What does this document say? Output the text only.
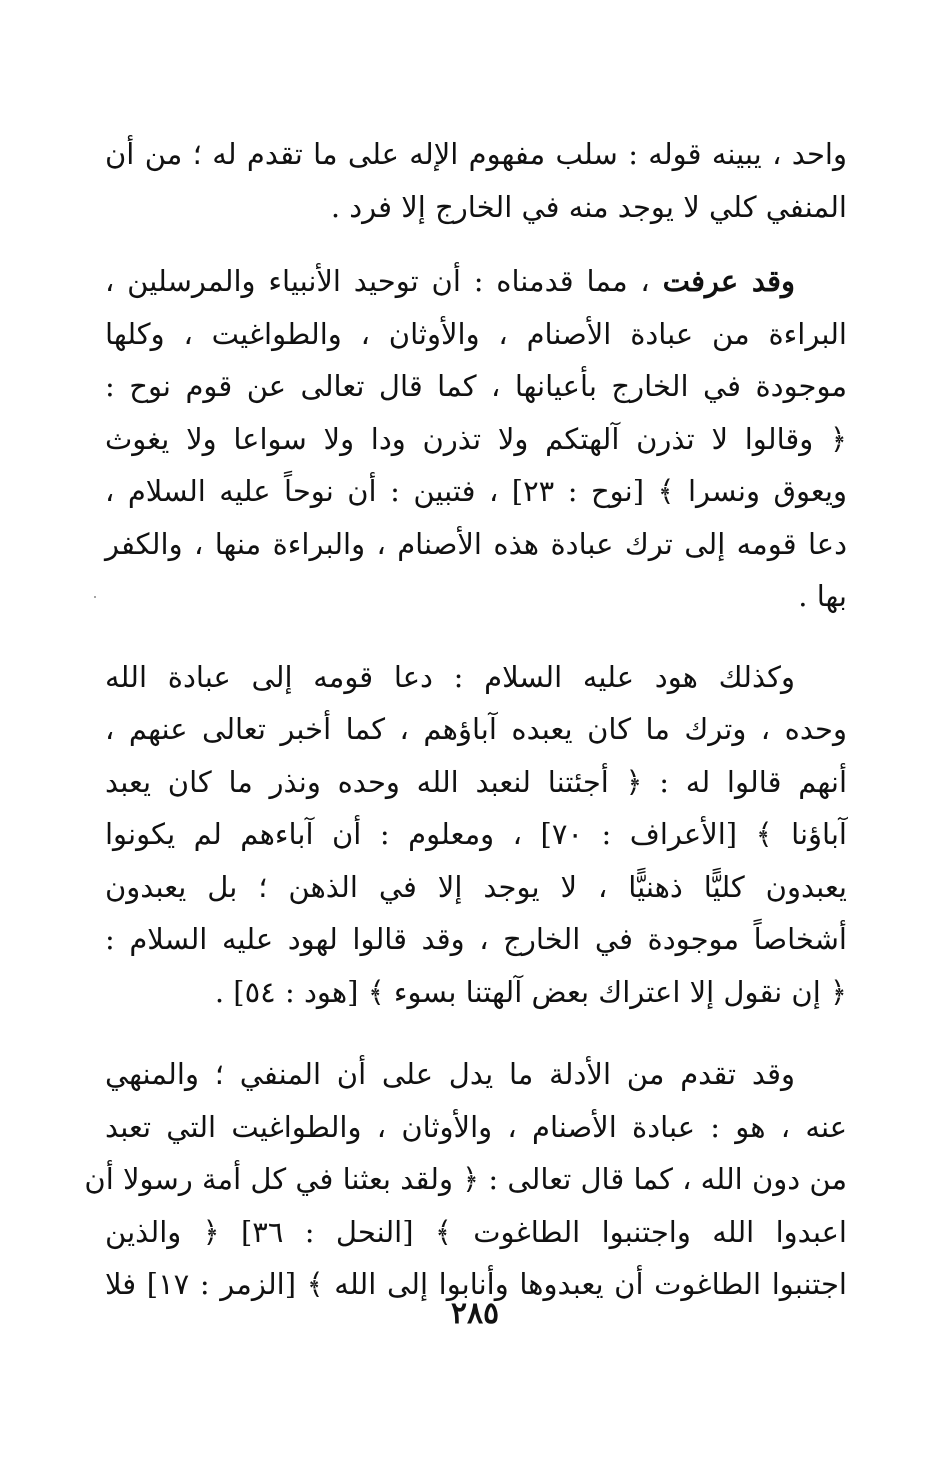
واحد ، يبينه قوله : سلب مفهوم الإله على ما تقدم له ؛ من أن
المنفي كلي لا يوجد منه في الخارج إلا فرد .
وقد عرفت ، مما قدمناه : أن توحيد الأنبياء والمرسلين ،
البراءة من عبادة الأصنام ، والأوثان ، والطواغيت ، وكلها
موجودة في الخارج بأعيانها ، كما قال تعالى عن قوم نوح :
﴿ وقالوا لا تذرن آلهتكم ولا تذرن ودا ولا سواعا ولا يغوث
ويعوق ونسرا ﴾ [نوح : ٢٣] ، فتبين : أن نوحاً عليه السلام ،
دعا قومه إلى ترك عبادة هذه الأصنام ، والبراءة منها ، والكفر
بها .
وكذلك هود عليه السلام : دعا قومه إلى عبادة الله
وحده ، وترك ما كان يعبده آباؤهم ، كما أخبر تعالى عنهم ،
أنهم قالوا له : ﴿ أجئتنا لنعبد الله وحده ونذر ما كان يعبد
آباؤنا ﴾ [الأعراف : ٧٠] ، ومعلوم : أن آباءهم لم يكونوا
يعبدون كليًّا ذهنيًّا ، لا يوجد إلا في الذهن ؛ بل يعبدون
أشخاصاً موجودة في الخارج ، وقد قالوا لهود عليه السلام :
﴿ إن نقول إلا اعتراك بعض آلهتنا بسوء ﴾ [هود : ٥٤] .
وقد تقدم من الأدلة ما يدل على أن المنفي ؛ والمنهي
عنه ، هو : عبادة الأصنام ، والأوثان ، والطواغيت التي تعبد
من دون الله ، كما قال تعالى : ﴿ ولقد بعثنا في كل أمة رسولا أن
اعبدوا الله واجتنبوا الطاغوت ﴾ [النحل : ٣٦] ﴿ والذين
اجتنبوا الطاغوت أن يعبدوها وأنابوا إلى الله ﴾ [الزمر : ١٧] فلا
٢٨٥
